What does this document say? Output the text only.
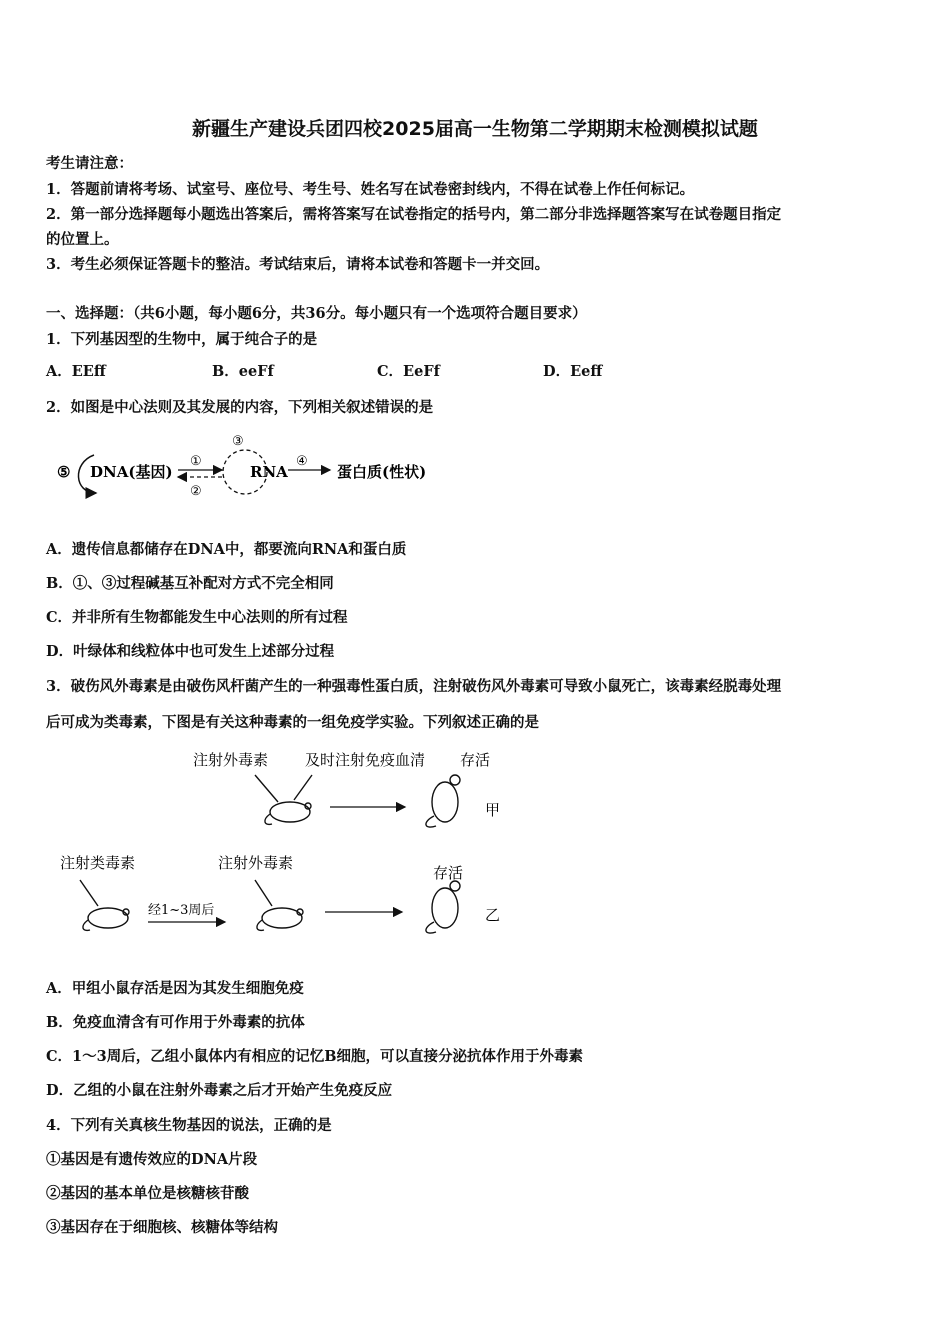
新疆生产建设兵团四校2025届高一生物第二学期期末检测模拟试题
考生请注意：
1．答题前请将考场、试室号、座位号、考生号、姓名写在试卷密封线内，不得在试卷上作任何标记。
2．第一部分选择题每小题选出答案后，需将答案写在试卷指定的括号内，第二部分非选择题答案写在试卷题目指定
的位置上。
3．考生必须保证答题卡的整洁。考试结束后，请将本试卷和答题卡一并交回。
一、选择题：（共6小题，每小题6分，共36分。每小题只有一个选项符合题目要求）
1．下列基因型的生物中，属于纯合子的是
A．EEff	B．eeFf	C．EeFf	D．Eeff
2．如图是中心法则及其发展的内容，下列相关叙述错误的是
⑤ DNA(基因)
①
②
③
RNA
④
蛋白质(性状)
A．遗传信息都储存在DNA中，都要流向RNA和蛋白质
B．①、③过程碱基互补配对方式不完全相同
C．并非所有生物都能发生中心法则的所有过程
D．叶绿体和线粒体中也可发生上述部分过程
3．破伤风外毒素是由破伤风杆菌产生的一种强毒性蛋白质，注射破伤风外毒素可导致小鼠死亡，该毒素经脱毒处理
后可成为类毒素，下图是有关这种毒素的一组免疫学实验。下列叙述正确的是
注射外毒素 及时注射免疫血清 存活
甲
注射类毒素	注射外毒素
存活
经1~3周后	乙
A．甲组小鼠存活是因为其发生细胞免疫
B．免疫血清含有可作用于外毒素的抗体
C．1～3周后，乙组小鼠体内有相应的记忆B细胞，可以直接分泌抗体作用于外毒素
D．乙组的小鼠在注射外毒素之后才开始产生免疫反应
4．下列有关真核生物基因的说法，正确的是
①基因是有遗传效应的DNA片段
②基因的基本单位是核糖核苷酸
③基因存在于细胞核、核糖体等结构
